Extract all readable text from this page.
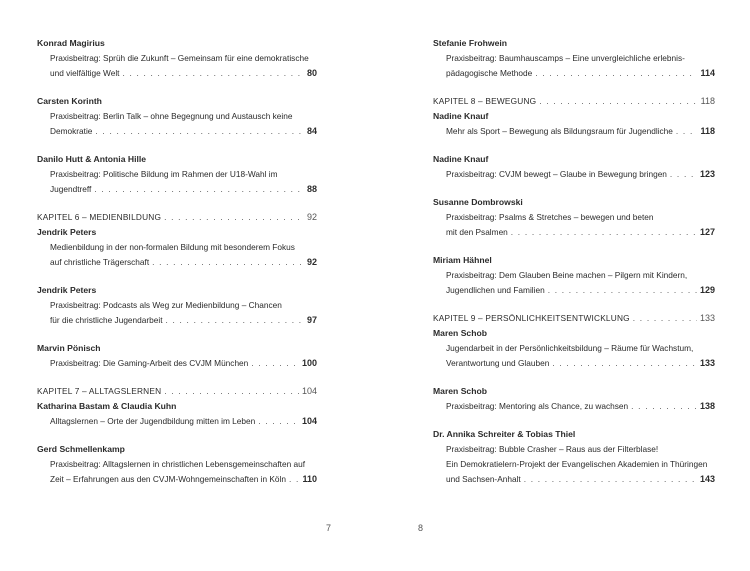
Konrad Magirius
Praxisbeitrag: Sprüh die Zukunft – Gemeinsam für eine demokratische
und vielfältige Welt . . .	80
Carsten Korinth
Praxisbeitrag: Berlin Talk – ohne Begegnung und Austausch keine
Demokratie . . .	84
Danilo Hutt & Antonia Hille
Praxisbeitrag: Politische Bildung im Rahmen der U18-Wahl im
Jugendtreff . . .	88
KAPITEL 6 – MEDIENBILDUNG . . .	92
Jendrik Peters
Medienbildung in der non-formalen Bildung mit besonderem Fokus
auf christliche Trägerschaft . . .	92
Jendrik Peters
Praxisbeitrag: Podcasts als Weg zur Medienbildung – Chancen
für die christliche Jugendarbeit . . .	97
Marvin Pönisch
Praxisbeitrag: Die Gaming-Arbeit des CVJM München . . .	100
KAPITEL 7 – ALLTAGSLERNEN . . .	104
Katharina Bastam & Claudia Kuhn
Alltagslernen – Orte der Jugendbildung mitten im Leben . . .	104
Gerd Schmellenkamp
Praxisbeitrag: Alltagslernen in christlichen Lebensgemeinschaften auf
Zeit – Erfahrungen aus den CVJM-Wohngemeinschaften in Köln . . . 110
7
Stefanie Frohwein
Praxisbeitrag: Baumhauscamps – Eine unvergleichliche erlebnis-
pädagogische Methode . . .	114
KAPITEL 8 – BEWEGUNG . . .	118
Nadine Knauf
Mehr als Sport – Bewegung als Bildungsraum für Jugendliche . . .	118
Nadine Knauf
Praxisbeitrag: CVJM bewegt – Glaube in Bewegung bringen . . .	123
Susanne Dombrowski
Praxisbeitrag: Psalms & Stretches – bewegen und beten
mit den Psalmen . . .	127
Miriam Hähnel
Praxisbeitrag: Dem Glauben Beine machen – Pilgern mit Kindern,
Jugendlichen und Familien . . .	129
KAPITEL 9 – PERSÖNLICHKEITSENTWICKLUNG . . .	133
Maren Schob
Jugendarbeit in der Persönlichkeitsbildung – Räume für Wachstum,
Verantwortung und Glauben . . .	133
Maren Schob
Praxisbeitrag: Mentoring als Chance, zu wachsen . . .	138
Dr. Annika Schreiter & Tobias Thiel
Praxisbeitrag: Bubble Crasher – Raus aus der Filterblase!
Ein Demokratielern-Projekt der Evangelischen Akademien in Thüringen
und Sachsen-Anhalt . . .	143
8
